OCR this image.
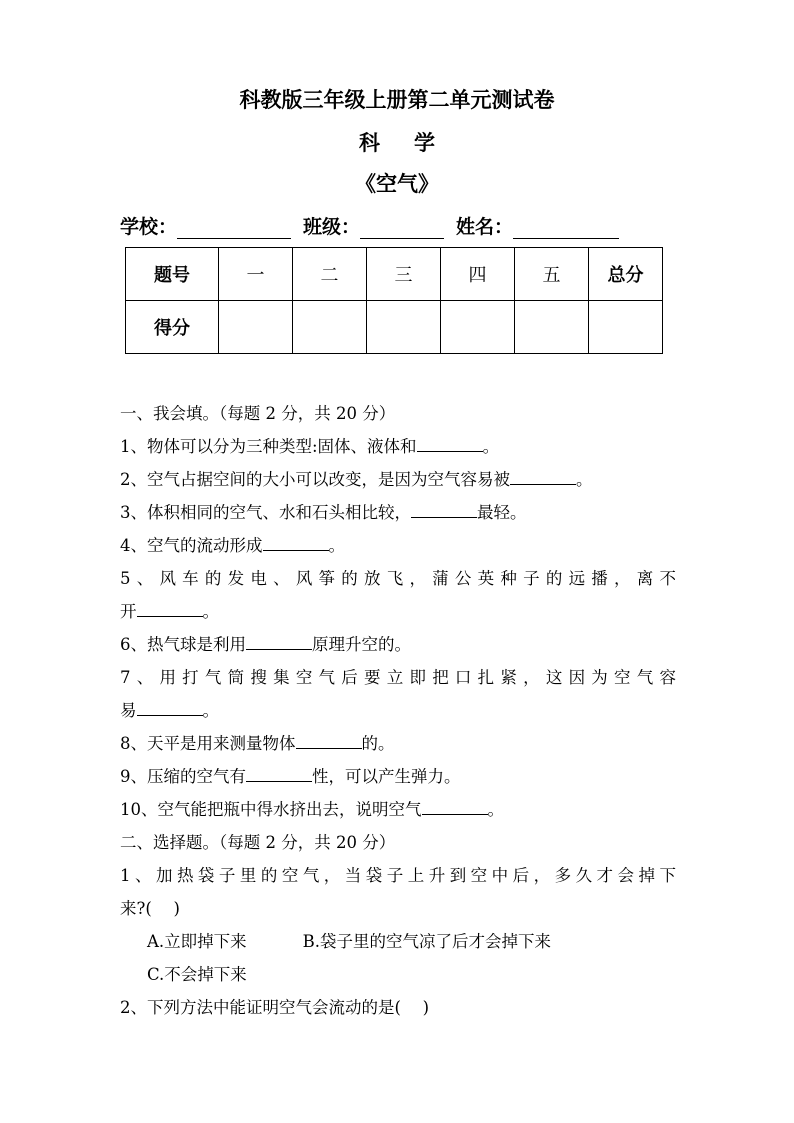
科教版三年级上册第二单元测试卷
科学
《空气》
学校：	班级：	姓名：
题号	一	二	三	四	五	总分
得分						
一、我会填。（每题 2 分，共 20 分）
1、物体可以分为三种类型:固体、液体和	。
2、空气占据空间的大小可以改变，是因为空气容易被	。
3、体积相同的空气、水和石头相比较，	最轻。
4、空气的流动形成	。
5、风车的发电、风筝的放飞，蒲公英种子的远播，离不
开	。
6、热气球是利用	原理升空的。
7、用打气筒搜集空气后要立即把口扎紧，这因为空气容
易	。
8、天平是用来测量物体	的。
9、压缩的空气有	性，可以产生弹力。
10、空气能把瓶中得水挤出去，说明空气	。
二、选择题。（每题 2 分，共 20 分）
1、加热袋子里的空气，当袋子上升到空中后，多久才会掉下
来?(　 )
A.立即掉下来	B.袋子里的空气凉了后才会掉下来
C.不会掉下来
2、下列方法中能证明空气会流动的是(　 )
